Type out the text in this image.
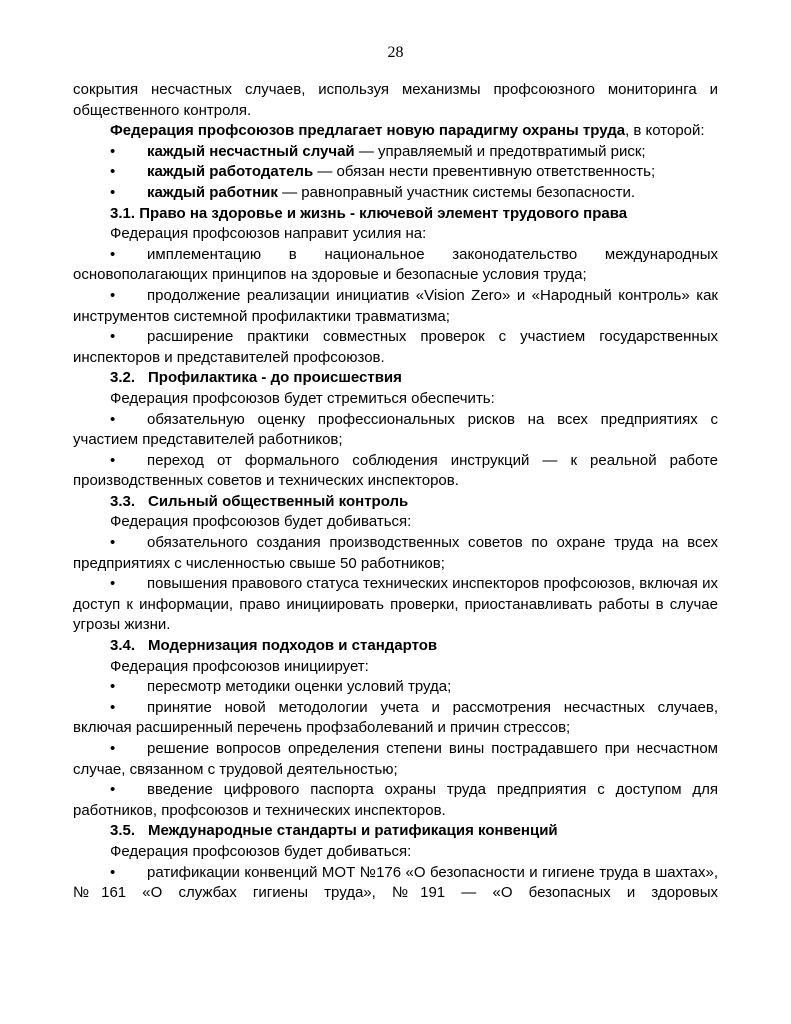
28

сокрытия несчастных случаев, используя механизмы профсоюзного мониторинга и общественного контроля.

Федерация профсоюзов предлагает новую парадигму охраны труда, в которой:

• каждый несчастный случай — управляемый и предотвратимый риск;

• каждый работодатель — обязан нести превентивную ответственность;

• каждый работник — равноправный участник системы безопасности.

3.1. Право на здоровье и жизнь - ключевой элемент трудового права

Федерация профсоюзов направит усилия на:

• имплементацию в национальное законодательство международных основополагающих принципов на здоровые и безопасные условия труда;

• продолжение реализации инициатив «Vision Zero» и «Народный контроль» как инструментов системной профилактики травматизма;

• расширение практики совместных проверок с участием государственных инспекторов и представителей профсоюзов.

3.2. Профилактика - до происшествия

Федерация профсоюзов будет стремиться обеспечить:

• обязательную оценку профессиональных рисков на всех предприятиях с участием представителей работников;

• переход от формального соблюдения инструкций — к реальной работе производственных советов и технических инспекторов.

3.3. Сильный общественный контроль

Федерация профсоюзов будет добиваться:

• обязательного создания производственных советов по охране труда на всех предприятиях с численностью свыше 50 работников;

• повышения правового статуса технических инспекторов профсоюзов, включая их доступ к информации, право инициировать проверки, приостанавливать работы в случае угрозы жизни.

3.4. Модернизация подходов и стандартов

Федерация профсоюзов инициирует:

• пересмотр методики оценки условий труда;

• принятие новой методологии учета и рассмотрения несчастных случаев, включая расширенный перечень профзаболеваний и причин стрессов;

• решение вопросов определения степени вины пострадавшего при несчастном случае, связанном с трудовой деятельностью;

• введение цифрового паспорта охраны труда предприятия с доступом для работников, профсоюзов и технических инспекторов.

3.5. Международные стандарты и ратификация конвенций

Федерация профсоюзов будет добиваться:

• ратификации конвенций МОТ №176 «О безопасности и гигиене труда в шахтах», №161 «О службах гигиены труда», №191 — «О безопасных и здоровых
